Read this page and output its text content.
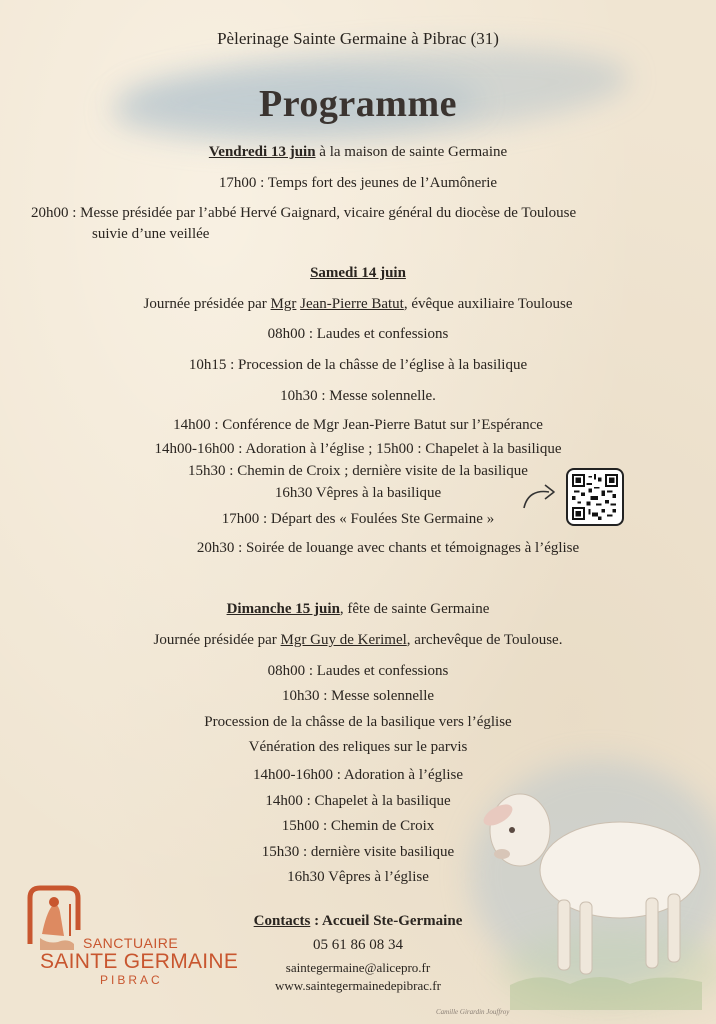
Pèlerinage Sainte Germaine à Pibrac (31)
Programme
Vendredi 13 juin à la maison de sainte Germaine
17h00 : Temps fort des jeunes de l’Aumônerie
20h00 : Messe présidée par l’abbé Hervé Gaignard, vicaire général du diocèse de Toulouse
suivie d’une veillée
Samedi 14 juin
Journée présidée par Mgr Jean-Pierre Batut, évêque auxiliaire Toulouse
08h00 : Laudes et confessions
10h15 : Procession de la châsse de l’église à la basilique
10h30 : Messe solennelle.
14h00 : Conférence de Mgr Jean-Pierre Batut sur l’Espérance
14h00-16h00 : Adoration à l’église ; 15h00 : Chapelet à la basilique
15h30 : Chemin de Croix ; dernière visite de la basilique
16h30 Vêpres à la basilique
17h00 : Départ des « Foulées Ste Germaine »
20h30 : Soirée de louange avec chants et témoignages à l’église
Dimanche 15 juin, fête de sainte Germaine
Journée présidée par Mgr Guy de Kerimel, archevêque de Toulouse.
08h00 : Laudes et confessions
10h30 : Messe solennelle
Procession de la châsse de la basilique vers l’église
Vénération des reliques sur le parvis
14h00-16h00 : Adoration à l’église
14h00 : Chapelet à la basilique
15h00 : Chemin de Croix
15h30 : dernière visite basilique
16h30 Vêpres à l’église
Contacts : Accueil Ste-Germaine
05 61 86 08 34
saintegermaine@alicepro.fr
www.saintegermainedepibrac.fr
SANCTUAIRE
SAINTE GERMAINE
PIBRAC
Camille Girardin Jouffroy
